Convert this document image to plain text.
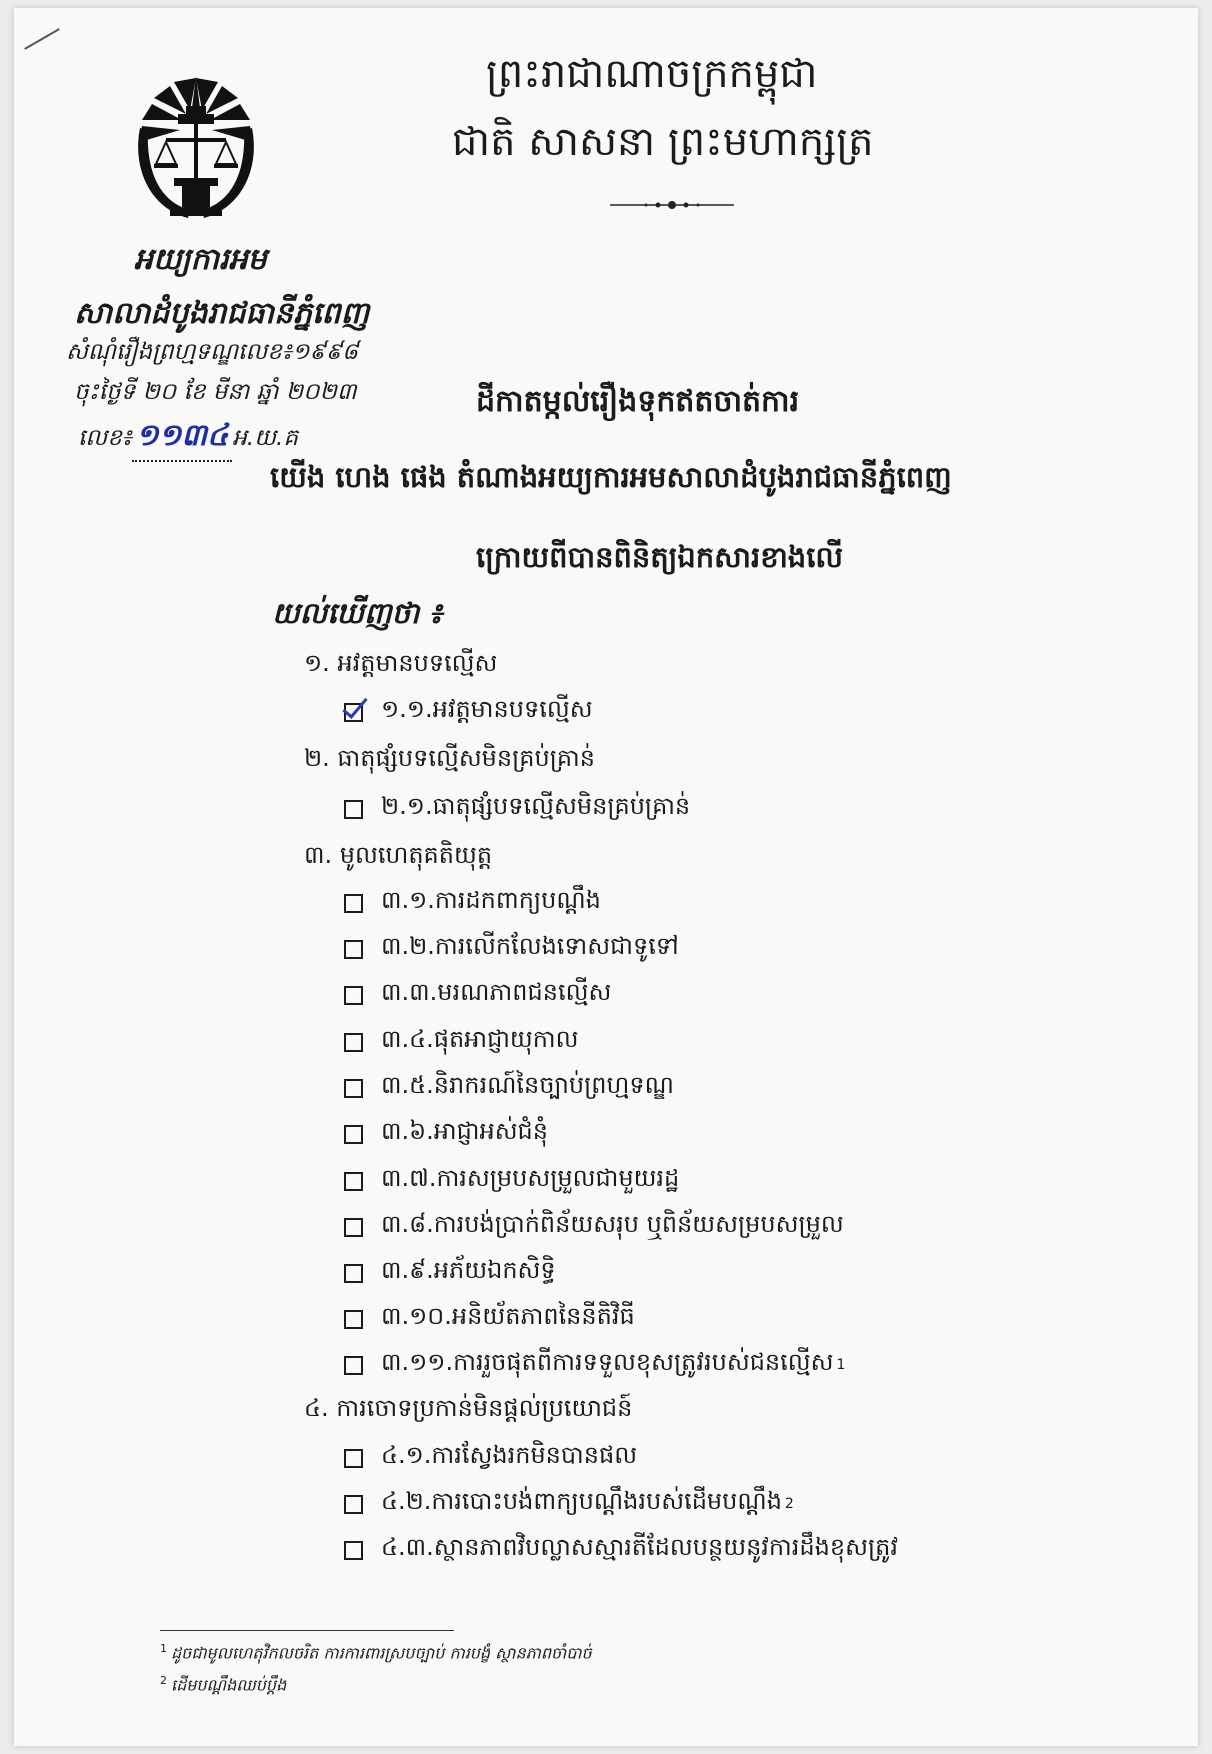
អយ្យការអម
សាលាដំបូងរាជធានីភ្នំពេញ
សំណុំរឿងព្រហ្មទណ្ឌលេខ៖១៩៩៨
ចុះថ្ងៃទី ២០ ខែ មីនា ឆ្នាំ ២០២៣
លេខ៖ ១១៣៤ អ.យ.គ
ព្រះរាជាណាចក្រកម្ពុជា
ជាតិ សាសនា ព្រះមហាក្សត្រ
ដីកាតម្កល់រឿងទុកឥតចាត់ការ
យើង ហេង ផេង តំណាងអយ្យការអមសាលាដំបូងរាជធានីភ្នំពេញ
ក្រោយពីបានពិនិត្យឯកសារខាងលើ
យល់ឃើញថា ៖
១. អវត្តមានបទល្មើស
១.១.អវត្តមានបទល្មើស
២. ធាតុផ្សំបទល្មើសមិនគ្រប់គ្រាន់
២.១.ធាតុផ្សំបទល្មើសមិនគ្រប់គ្រាន់
៣. មូលហេតុគតិយុត្ត
៣.១.ការដកពាក្យបណ្ដឹង
៣.២.ការលើកលែងទោសជាទូទៅ
៣.៣.មរណភាពជនល្មើស
៣.៤.ផុតអាជ្ញាយុកាល
៣.៥.និរាករណ៍នៃច្បាប់ព្រហ្មទណ្ឌ
៣.៦.អាជ្ញាអស់ជំនុំ
៣.៧.ការសម្របសម្រួលជាមួយរដ្ឋ
៣.៨.ការបង់ប្រាក់ពិន័យសរុប ឬពិន័យសម្របសម្រួល
៣.៩.អភ័យឯកសិទ្ធិ
៣.១០.អនិយ័តភាពនៃនីតិវិធី
៣.១១.ការរួចផុតពីការទទួលខុសត្រូវរបស់ជនល្មើស 1
៤. ការចោទប្រកាន់មិនផ្ដល់ប្រយោជន៍
៤.១.ការស្វែងរកមិនបានផល
៤.២.ការបោះបង់ពាក្យបណ្ដឹងរបស់ដើមបណ្ដឹង 2
៤.៣.ស្ថានភាពវិបល្លាសស្មារតីដែលបន្ថយនូវការដឹងខុសត្រូវ
$^1$ ដូចជាមូលហេតុវិកលចរិត ការការពារស្របច្បាប់ ការបង្ខំ ស្ថានភាពចាំបាច់
$^2$ ដើមបណ្ដឹងឈប់ប្ដឹង
